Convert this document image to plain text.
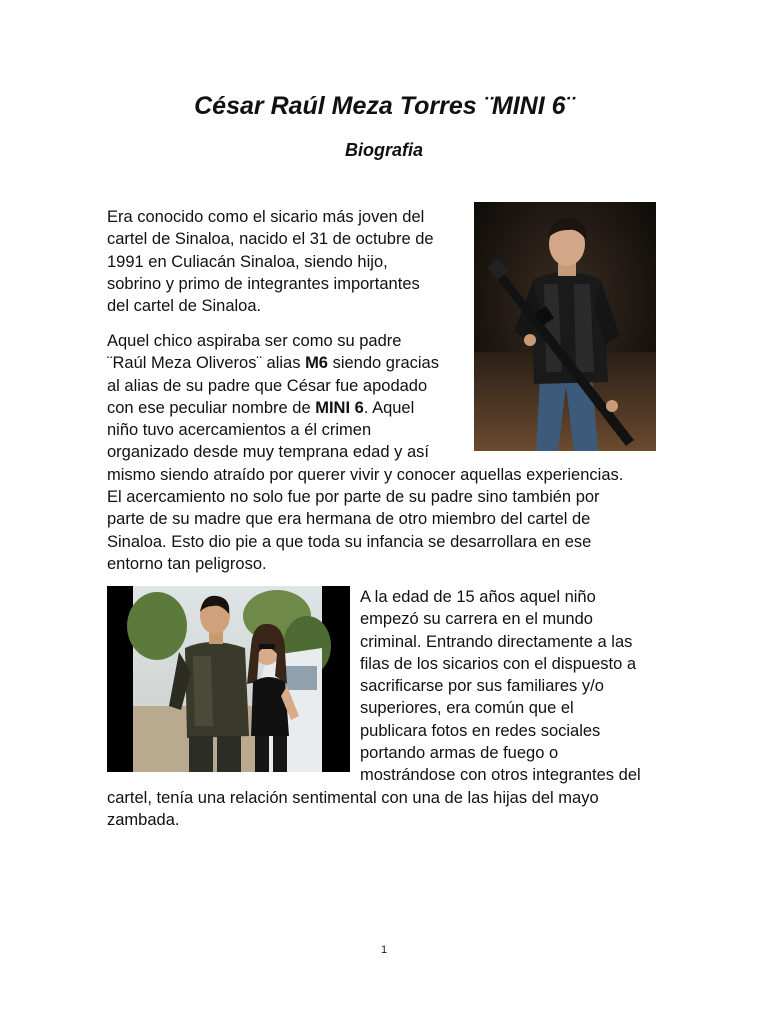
César Raúl Meza Torres ¨MINI 6¨
Biografia

Era conocido como el sicario más joven del
cartel de Sinaloa, nacido el 31 de octubre de
1991 en Culiacán Sinaloa, siendo hijo,
sobrino y primo de integrantes importantes
del cartel de Sinaloa.

Aquel chico aspiraba ser como su padre
¨Raúl Meza Oliveros¨ alias M6 siendo gracias
al alias de su padre que César fue apodado
con ese peculiar nombre de MINI 6. Aquel
niño tuvo acercamientos a él crimen
organizado desde muy temprana edad y así
mismo siendo atraído por querer vivir y conocer aquellas experiencias.
El acercamiento no solo fue por parte de su padre sino también por
parte de su madre que era hermana de otro miembro del cartel de
Sinaloa. Esto dio pie a que toda su infancia se desarrollara en ese
entorno tan peligroso.

A la edad de 15 años aquel niño
empezó su carrera en el mundo
criminal. Entrando directamente a las
filas de los sicarios con el dispuesto a
sacrificarse por sus familiares y/o
superiores, era común que el
publicara fotos en redes sociales
portando armas de fuego o
mostrándose con otros integrantes del

cartel, tenía una relación sentimental con una de las hijas del mayo
zambada.

1
